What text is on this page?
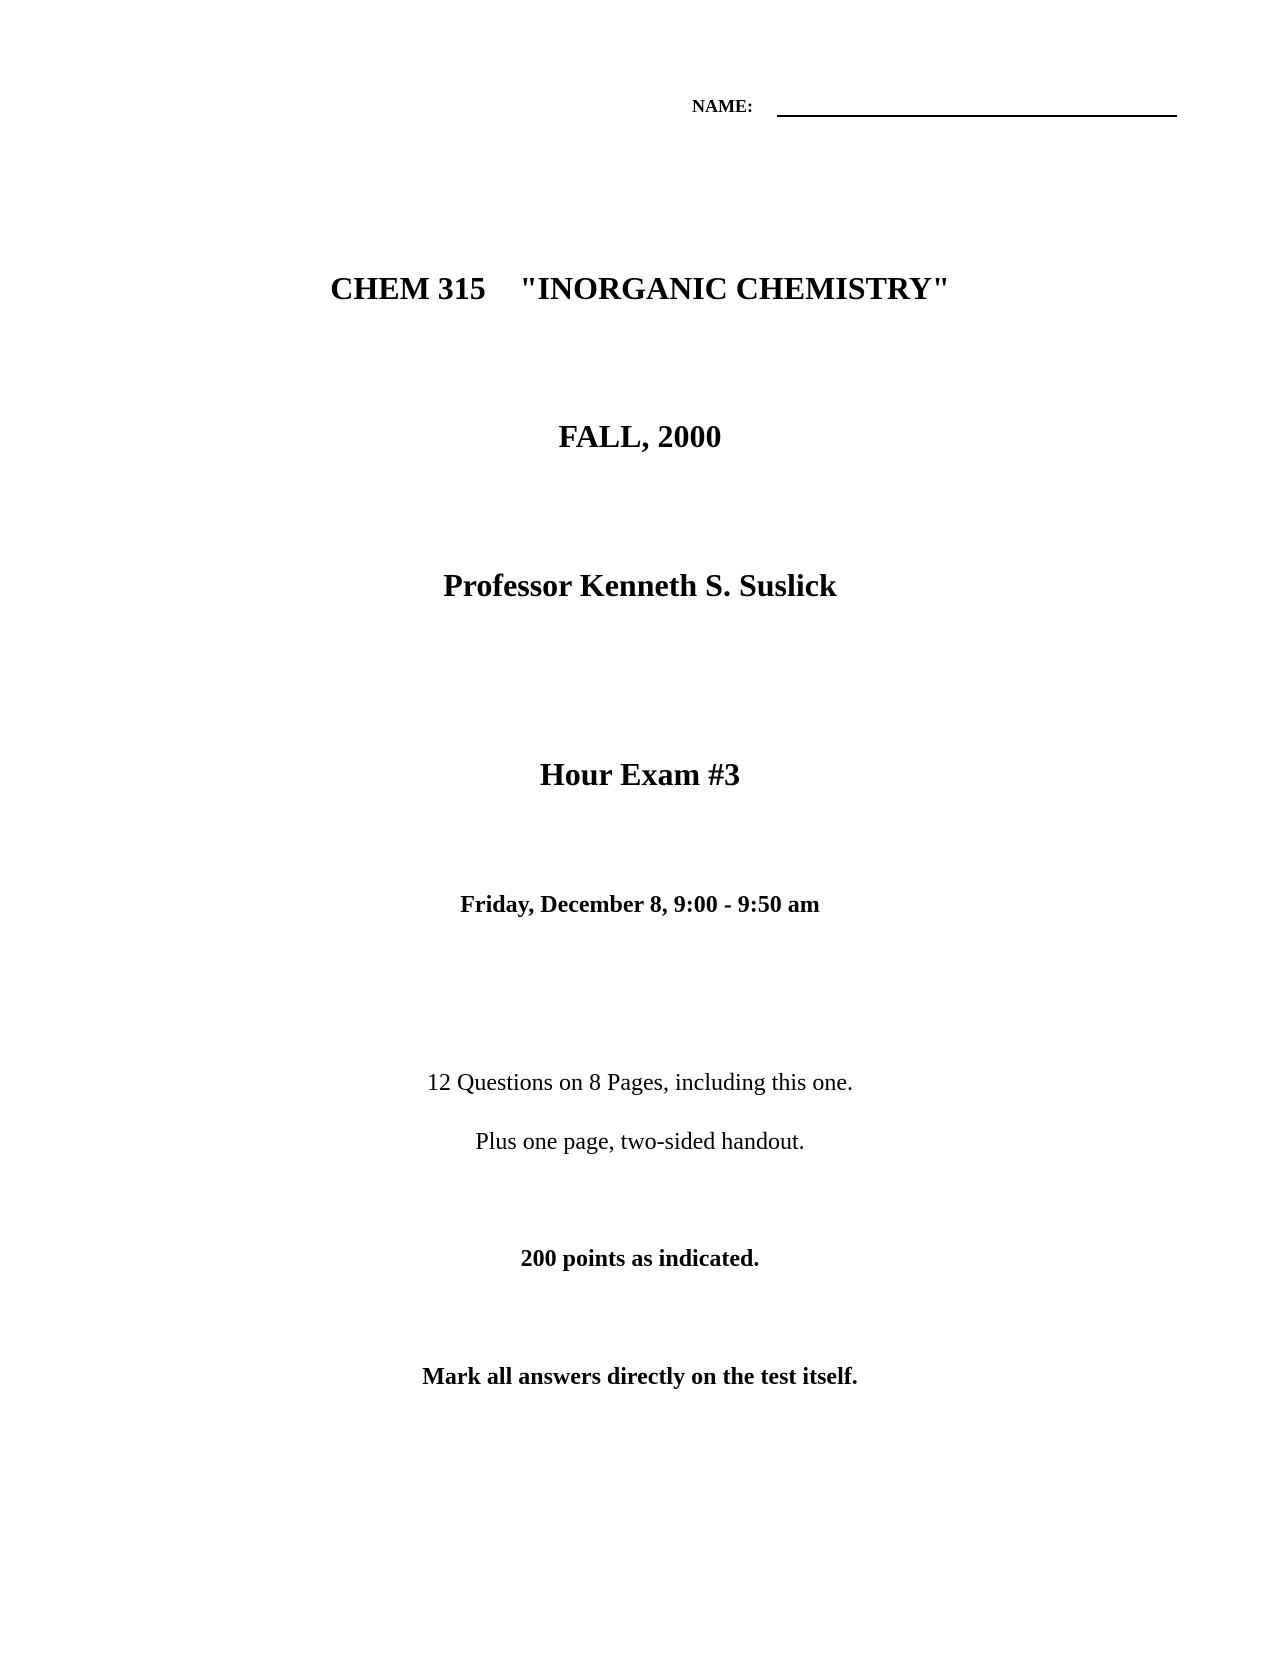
NAME:
CHEM 315 "INORGANIC CHEMISTRY"
FALL, 2000
Professor Kenneth S. Suslick
Hour Exam #3
Friday, December 8, 9:00 - 9:50 am
12 Questions on 8 Pages, including this one.
Plus one page, two-sided handout.
200 points as indicated.
Mark all answers directly on the test itself.
